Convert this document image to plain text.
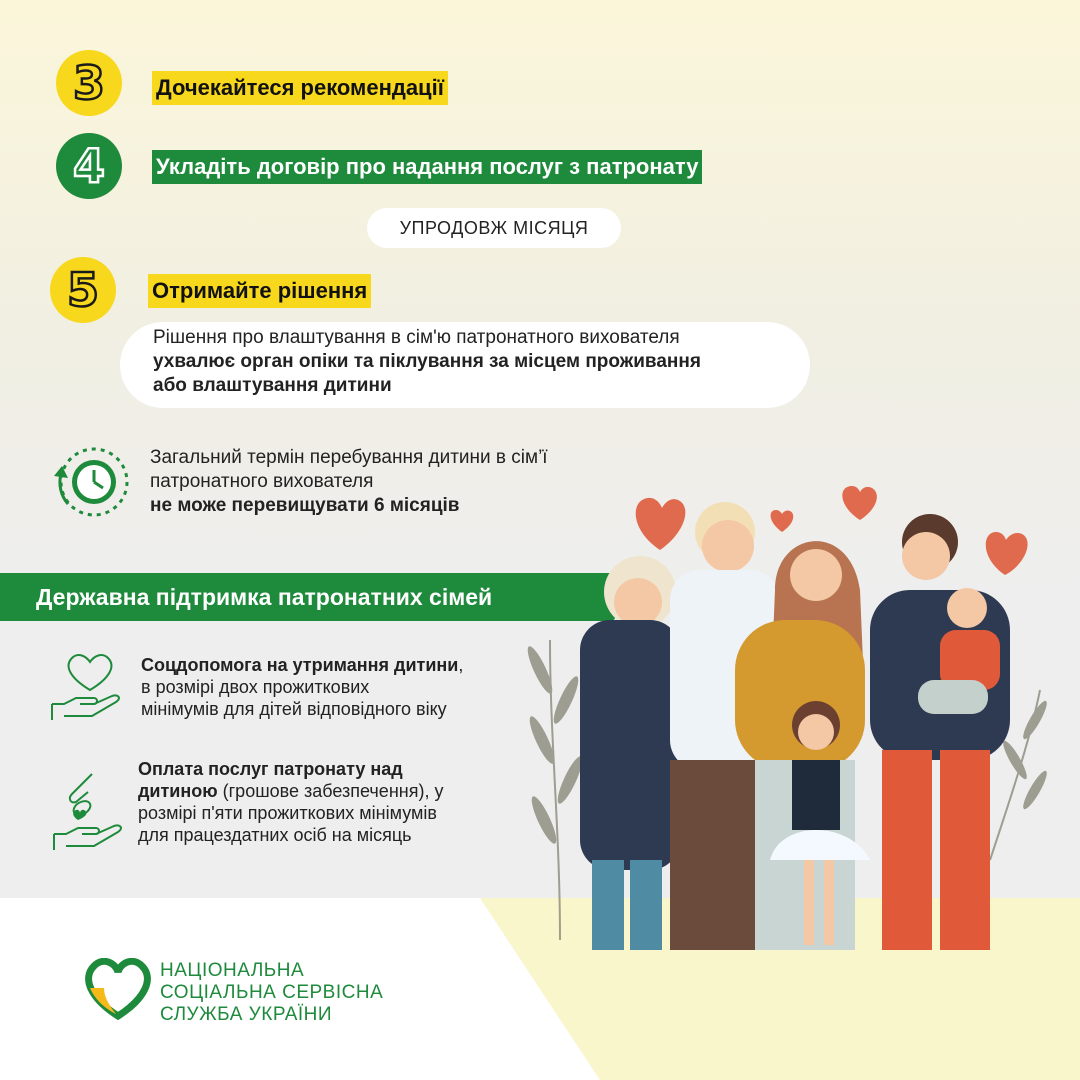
3 Дочекайтеся рекомендації
4 Укладіть договір про надання послуг з патронату
УПРОДОВЖ МІСЯЦЯ
5 Отримайте рішення
Рішення про влаштування в сім'ю патронатного вихователя
ухвалює орган опіки та піклування за місцем проживання
або влаштування дитини
Загальний термін перебування дитини в сім’ї
патронатного вихователя
не може перевищувати 6 місяців
Державна підтримка патронатних сімей
Соцдопомога на утримання дитини,
в розмірі двох прожиткових
мінімумів для дітей відповідного віку
Оплата послуг патронату над дитиною (грошове забезпечення), у розмірі п'яти прожиткових мінімумів для працездатних осіб на місяць
НАЦІОНАЛЬНА
СОЦІАЛЬНА СЕРВІСНА
СЛУЖБА УКРАЇНИ
